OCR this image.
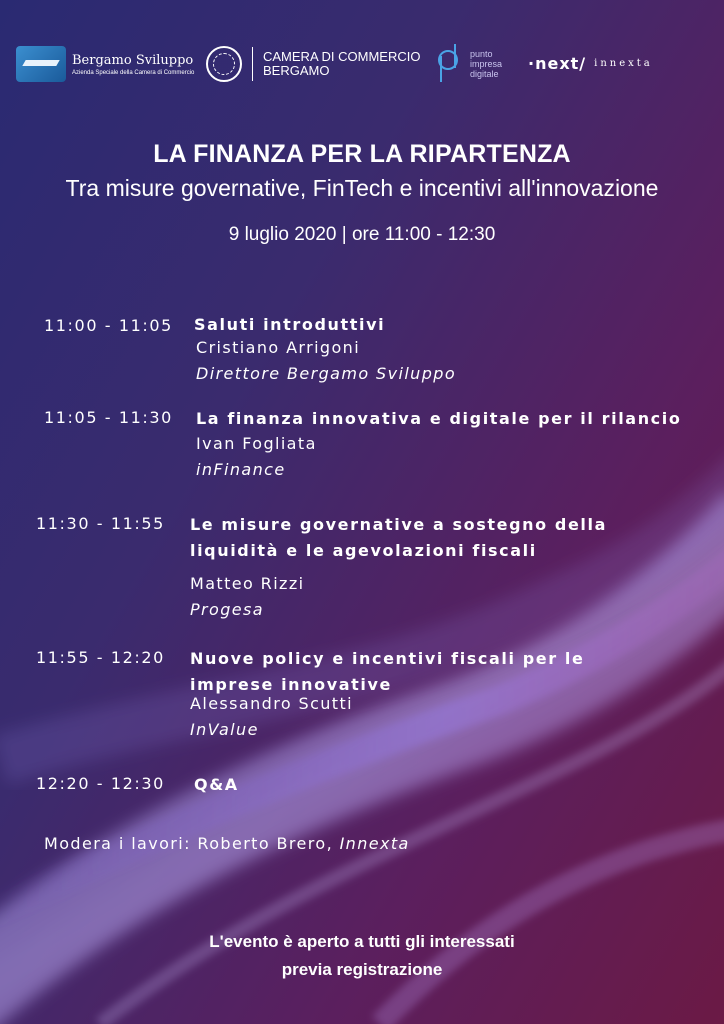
Bergamo Sviluppo
Azienda Speciale della Camera di Commercio
CAMERA DI COMMERCIO
BERGAMO
punto
impresa
digitale
·next/ innexta
LA FINANZA PER LA RIPARTENZA
Tra misure governative, FinTech e incentivi all'innovazione
9 luglio 2020 | ore 11:00 - 12:30
11:00 - 11:05 Saluti introduttivi
Cristiano Arrigoni
Direttore Bergamo Sviluppo
11:05 - 11:30 La finanza innovativa e digitale per il rilancio
Ivan Fogliata
inFinance
11:30 - 11:55 Le misure governative a sostegno della
liquidità e le agevolazioni fiscali
Matteo Rizzi
Progesa
11:55 - 12:20 Nuove policy e incentivi fiscali per le
imprese innovative
Alessandro Scutti
InValue
12:20 - 12:30 Q&A
Modera i lavori: Roberto Brero, Innexta
L'evento è aperto a tutti gli interessati
previa registrazione
